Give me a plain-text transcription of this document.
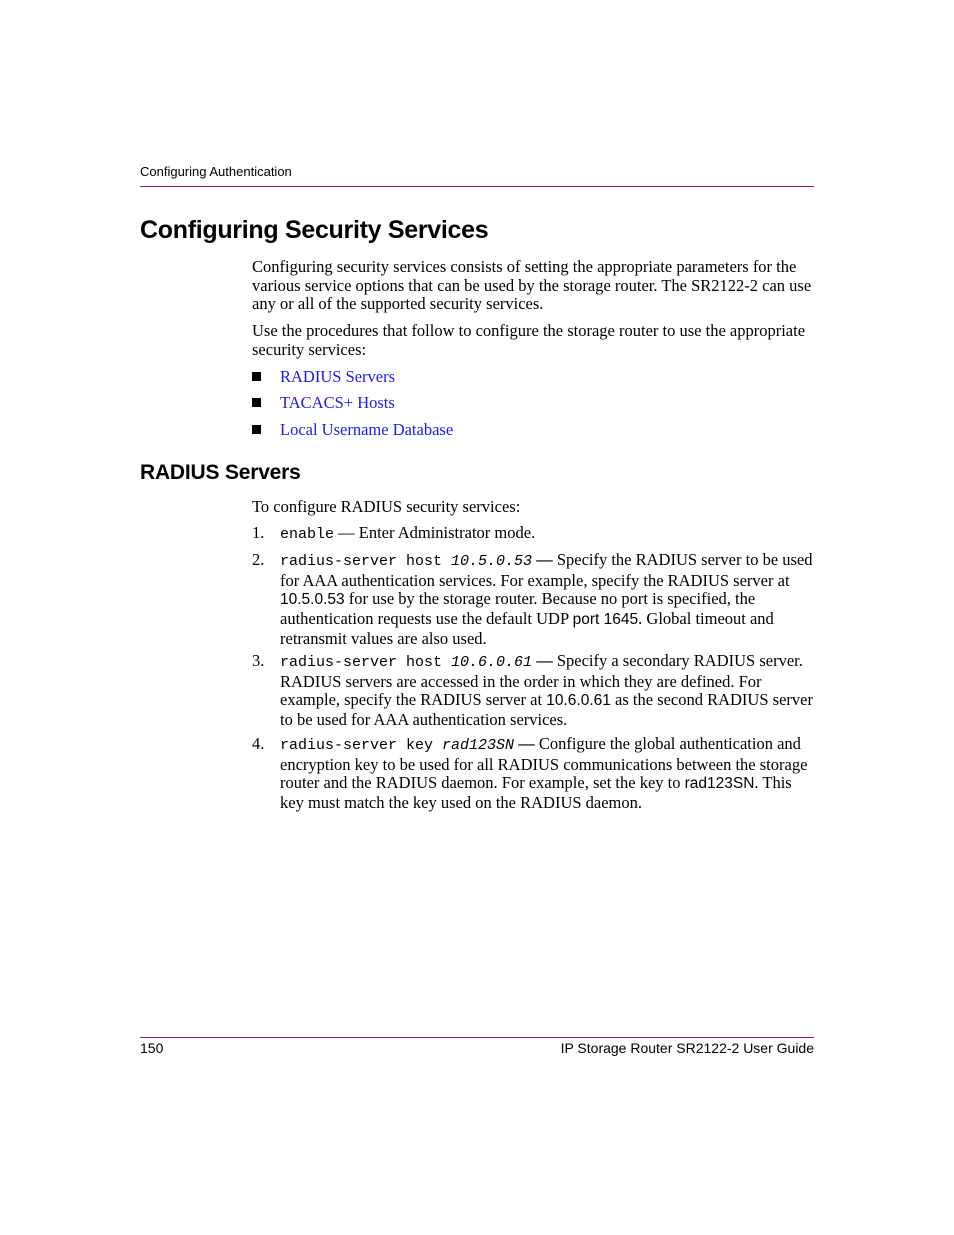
Configuring Authentication
Configuring Security Services

Configuring security services consists of setting the appropriate parameters for the various service options that can be used by the storage router. The SR2122-2 can use any or all of the supported security services.

Use the procedures that follow to configure the storage router to use the appropriate security services:

RADIUS Servers
TACACS+ Hosts
Local Username Database
RADIUS Servers

To configure RADIUS security services:

1. enable — Enter Administrator mode.
2. radius-server host 10.5.0.53 — Specify the RADIUS server to be used for AAA authentication services. For example, specify the RADIUS server at 10.5.0.53 for use by the storage router. Because no port is specified, the authentication requests use the default UDP port 1645. Global timeout and retransmit values are also used.
3. radius-server host 10.6.0.61 — Specify a secondary RADIUS server. RADIUS servers are accessed in the order in which they are defined. For example, specify the RADIUS server at 10.6.0.61 as the second RADIUS server to be used for AAA authentication services.
4. radius-server key rad123SN — Configure the global authentication and encryption key to be used for all RADIUS communications between the storage router and the RADIUS daemon. For example, set the key to rad123SN. This key must match the key used on the RADIUS daemon.
150	IP Storage Router SR2122-2 User Guide
